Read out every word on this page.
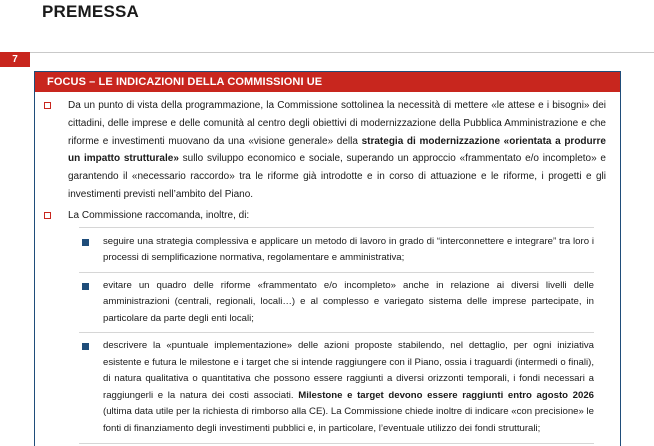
PREMESSA
7
FOCUS – LE INDICAZIONI DELLA COMMISSIONI UE
Da un punto di vista della programmazione, la Commissione sottolinea la necessità di mettere «le attese e i bisogni» dei cittadini, delle imprese e delle comunità al centro degli obiettivi di modernizzazione della Pubblica Amministrazione e che riforme e investimenti muovano da una «visione generale» della strategia di modernizzazione «orientata a produrre un impatto strutturale» sullo sviluppo economico e sociale, superando un approccio «frammentato e/o incompleto» e garantendo il «necessario raccordo» tra le riforme già introdotte e in corso di attuazione e le riforme, i progetti e gli investimenti previsti nell’ambito del Piano.
La Commissione raccomanda, inoltre, di:
seguire una strategia complessiva e applicare un metodo di lavoro in grado di “interconnettere e integrare” tra loro i processi di semplificazione normativa, regolamentare e amministrativa;
evitare un quadro delle riforme «frammentato e/o incompleto» anche in relazione ai diversi livelli delle amministrazioni (centrali, regionali, locali…) e al complesso e variegato sistema delle imprese partecipate, in particolare da parte degli enti locali;
descrivere la «puntuale implementazione» delle azioni proposte stabilendo, nel dettaglio, per ogni iniziativa esistente e futura le milestone e i target che si intende raggiungere con il Piano, ossia i traguardi (intermedi o finali), di natura qualitativa o quantitativa che possono essere raggiunti a diversi orizzonti temporali, i fondi necessari a raggiungerli e la natura dei costi associati. Milestone e target devono essere raggiunti entro agosto 2026 (ultima data utile per la richiesta di rimborso alla CE). La Commissione chiede inoltre di indicare «con precisione» le fonti di finanziamento degli investimenti pubblici e, in particolare, l’eventuale utilizzo dei fondi strutturali;
